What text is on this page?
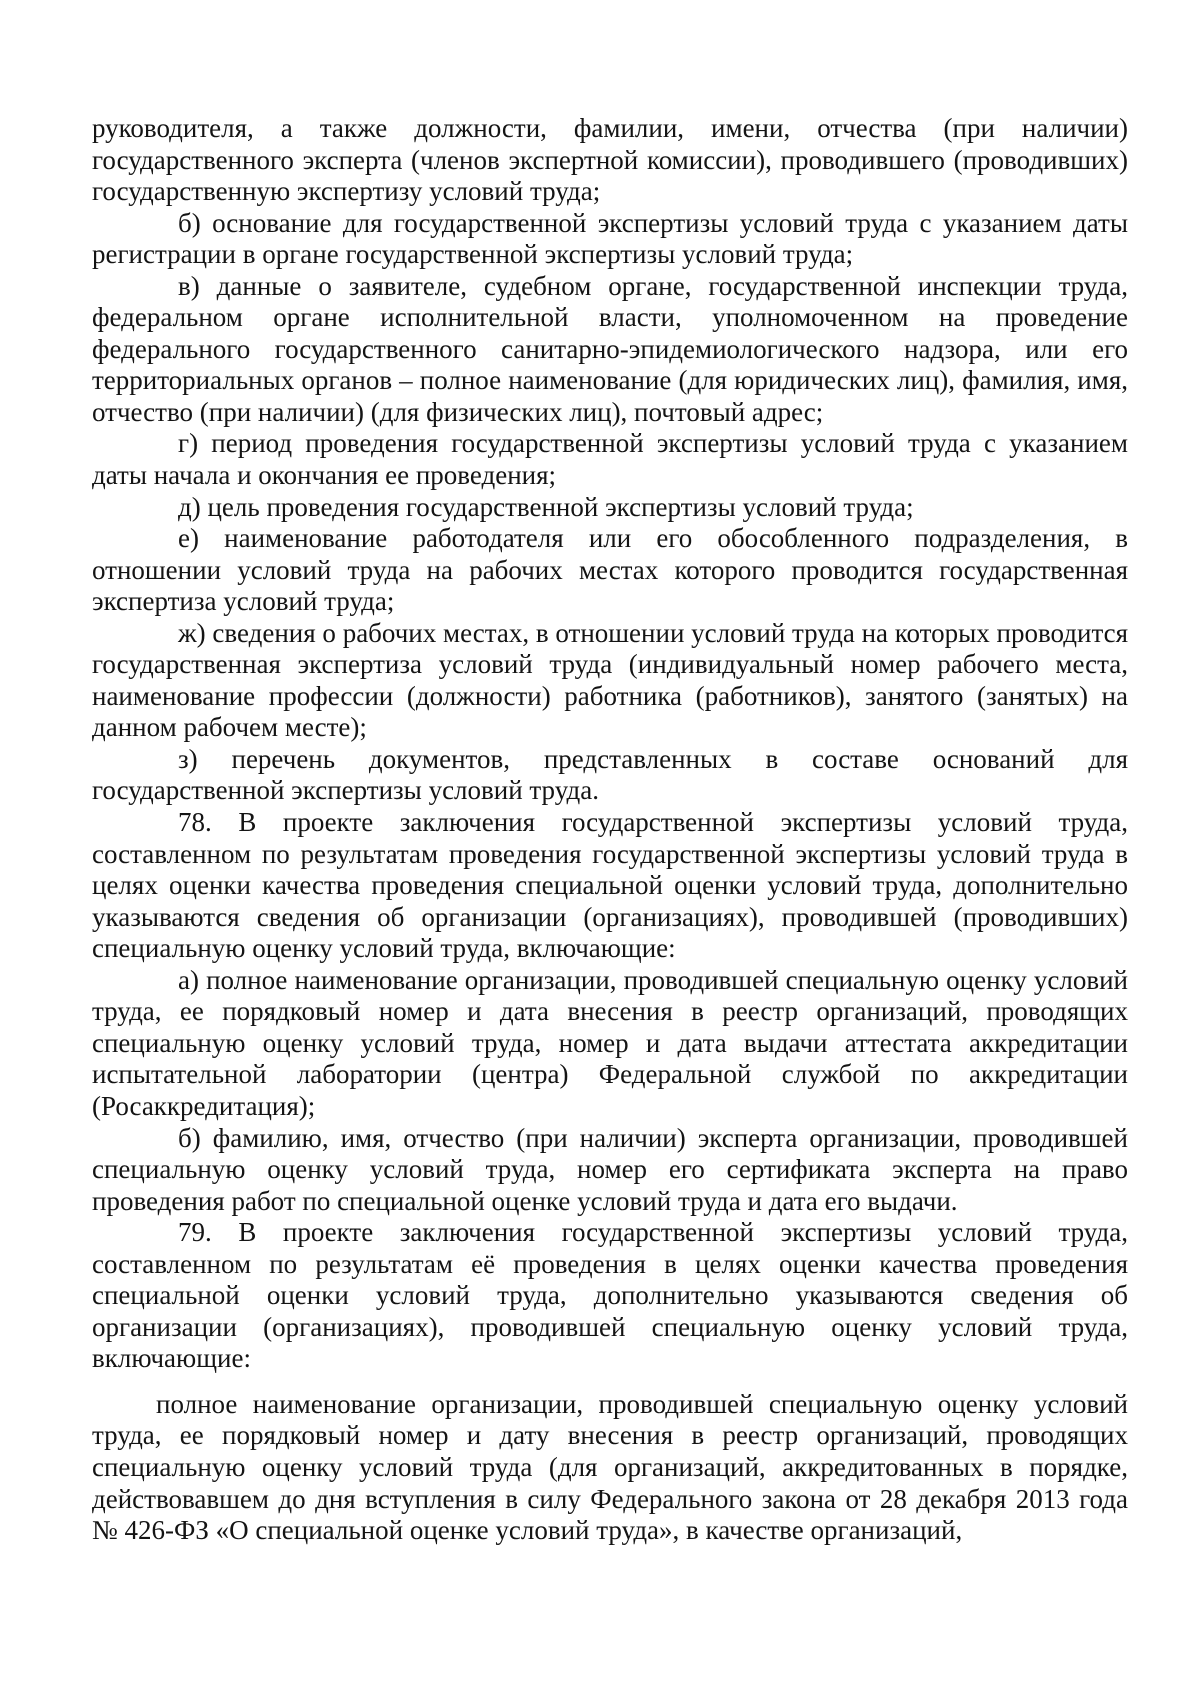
руководителя, а также должности, фамилии, имени, отчества (при наличии) государственного эксперта (членов экспертной комиссии), проводившего (проводивших) государственную экспертизу условий труда;

б) основание для государственной экспертизы условий труда с указанием даты регистрации в органе государственной экспертизы условий труда;

в) данные о заявителе, судебном органе, государственной инспекции труда, федеральном органе исполнительной власти, уполномоченном на проведение федерального государственного санитарно-эпидемиологического надзора, или его территориальных органов – полное наименование (для юридических лиц), фамилия, имя, отчество (при наличии) (для физических лиц), почтовый адрес;

г) период проведения государственной экспертизы условий труда с указанием даты начала и окончания ее проведения;

д) цель проведения государственной экспертизы условий труда;

е) наименование работодателя или его обособленного подразделения, в отношении условий труда на рабочих местах которого проводится государственная экспертиза условий труда;

ж) сведения о рабочих местах, в отношении условий труда на которых проводится государственная экспертиза условий труда (индивидуальный номер рабочего места, наименование профессии (должности) работника (работников), занятого (занятых) на данном рабочем месте);

з) перечень документов, представленных в составе оснований для государственной экспертизы условий труда.

78. В проекте заключения государственной экспертизы условий труда, составленном по результатам проведения государственной экспертизы условий труда в целях оценки качества проведения специальной оценки условий труда, дополнительно указываются сведения об организации (организациях), проводившей (проводивших) специальную оценку условий труда, включающие:

а) полное наименование организации, проводившей специальную оценку условий труда, ее порядковый номер и дата внесения в реестр организаций, проводящих специальную оценку условий труда, номер и дата выдачи аттестата аккредитации испытательной лаборатории (центра) Федеральной службой по аккредитации (Росаккредитация);

б) фамилию, имя, отчество (при наличии) эксперта организации, проводившей специальную оценку условий труда, номер его сертификата эксперта на право проведения работ по специальной оценке условий труда и дата его выдачи.

79. В проекте заключения государственной экспертизы условий труда, составленном по результатам её проведения в целях оценки качества проведения специальной оценки условий труда, дополнительно указываются сведения об организации (организациях), проводившей специальную оценку условий труда, включающие:

полное наименование организации, проводившей специальную оценку условий труда, ее порядковый номер и дату внесения в реестр организаций, проводящих специальную оценку условий труда (для организаций, аккредитованных в порядке, действовавшем до дня вступления в силу Федерального закона от 28 декабря 2013 года № 426-ФЗ «О специальной оценке условий труда», в качестве организаций,
